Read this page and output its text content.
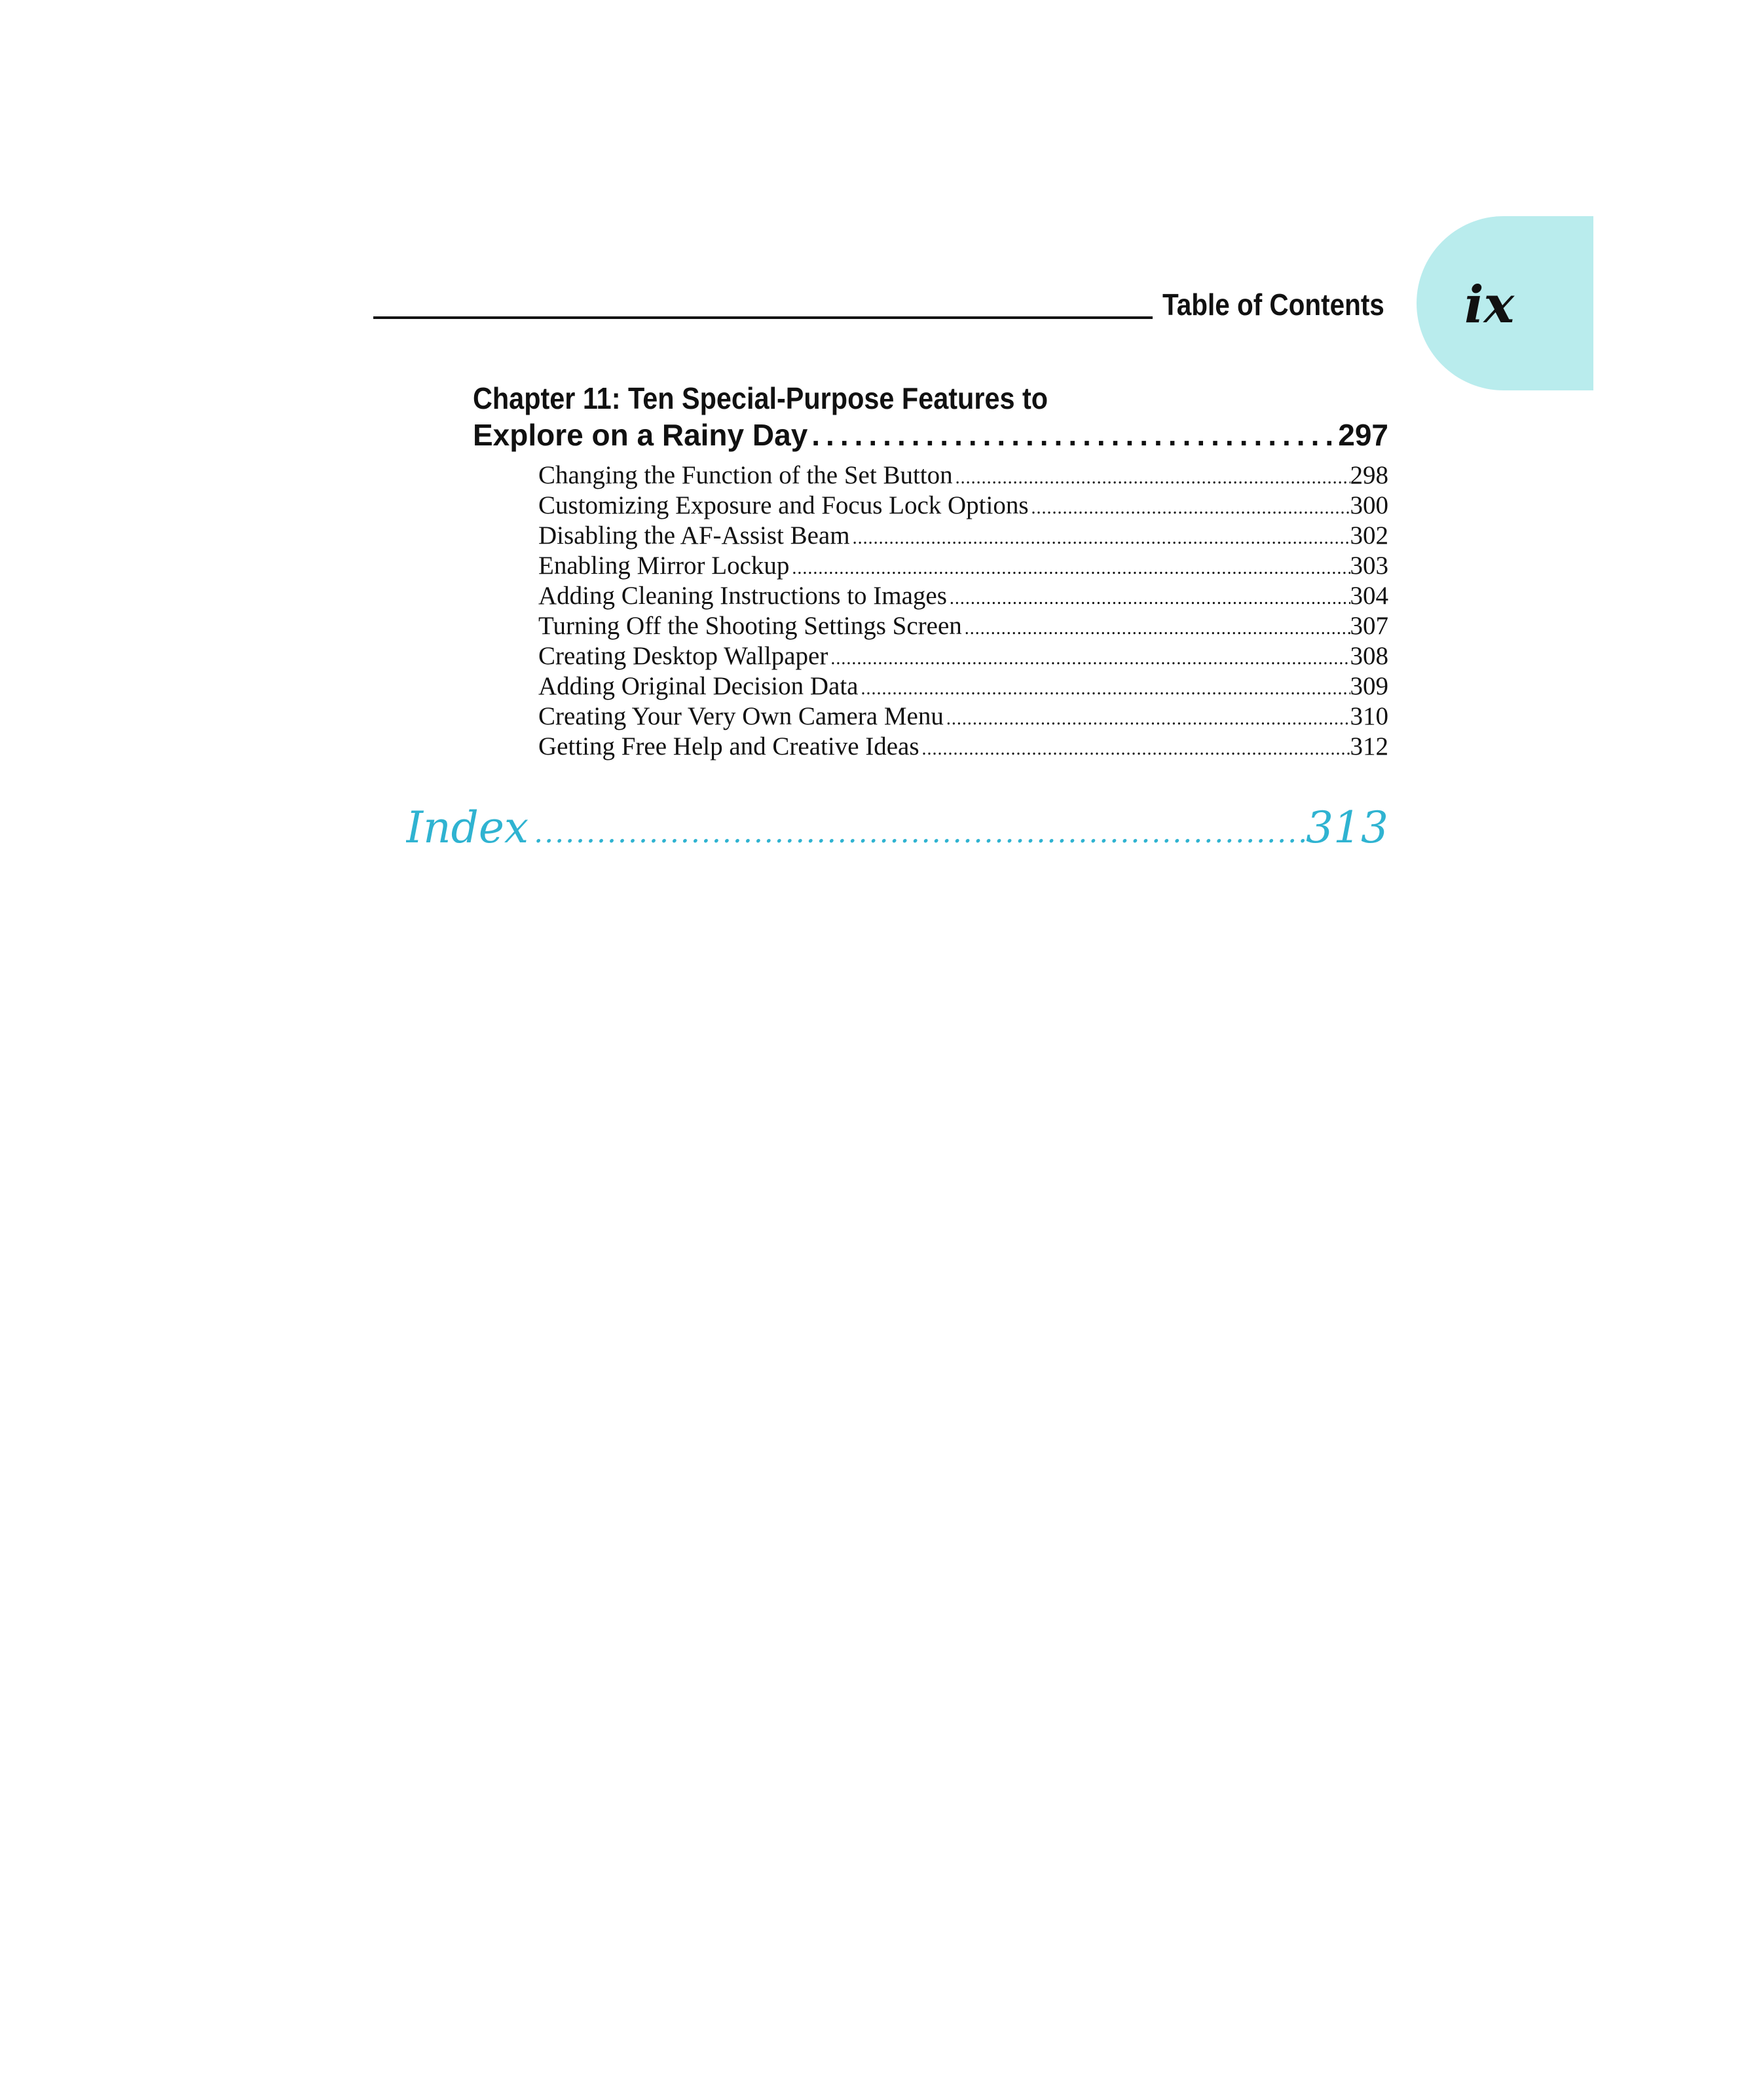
Table of Contents ix
Chapter 11: Ten Special-Purpose Features to
Explore on a Rainy Day .....	297
Changing the Function of the Set Button .....	298
Customizing Exposure and Focus Lock Options .....	300
Disabling the AF-Assist Beam .....	302
Enabling Mirror Lockup .....	303
Adding Cleaning Instructions to Images .....	304
Turning Off the Shooting Settings Screen .....	307
Creating Desktop Wallpaper .....	308
Adding Original Decision Data .....	309
Creating Your Very Own Camera Menu .....	310
Getting Free Help and Creative Ideas .....	312
Index .....	313
